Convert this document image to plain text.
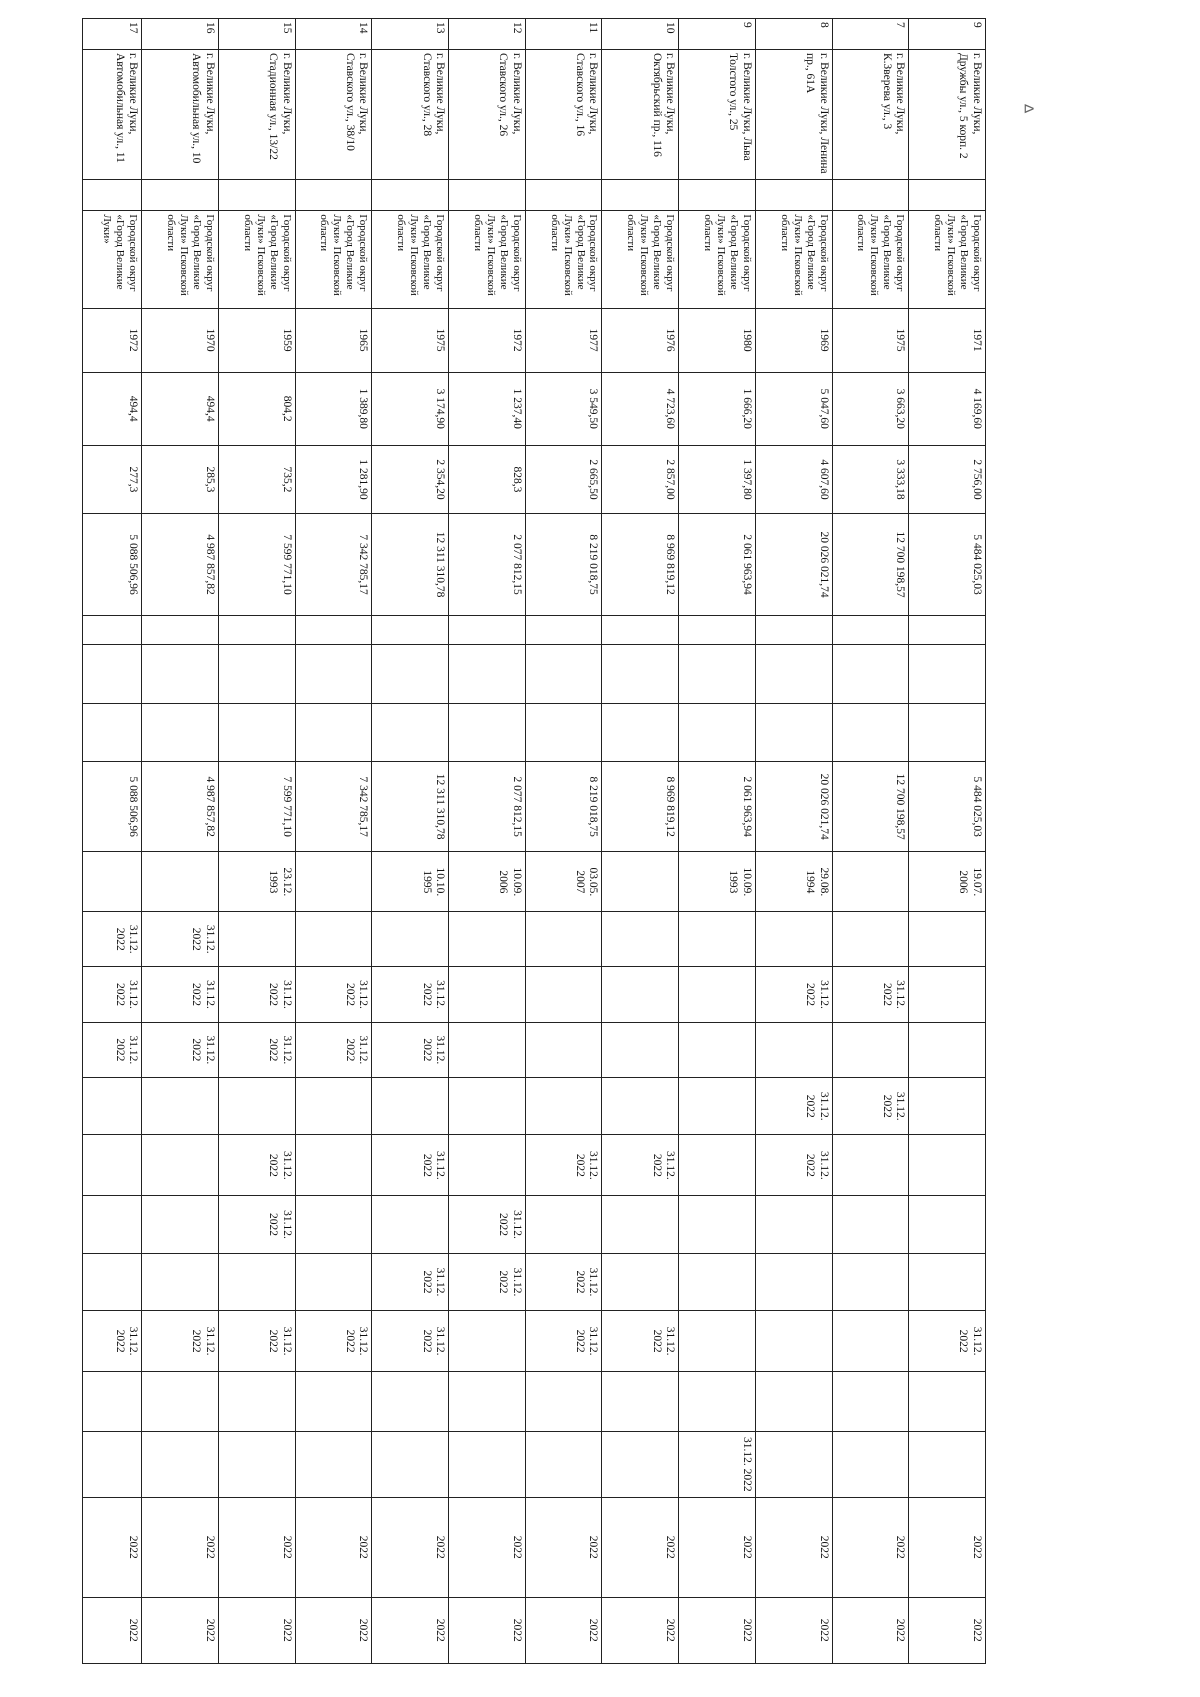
ᐞ
9	г. Великие Луки, Дружбы ул., 5 корп. 2		Городской округ «Город Великие Луки» Псковской области	1971	4 169,60	2 756,00	5 484 025,03				5 484 025,03	19.07. 2006								31.12. 2022			2022	2022
7	г. Великие Луки, К.Зверева ул., 3		Городской округ «Город Великие Луки» Псковской области	1975	3 663,20	3 333,18	12 700 198,57				12 700 198,57			31.12. 2022		31.12. 2022							2022	2022
8	г. Великие Луки, Ленина пр., 61А		Городской округ «Город Великие Луки» Псковской области	1969	5 047,60	4 607,60	20 026 021,74				20 026 021,74	29.08. 1994		31.12. 2022		31.12. 2022	31.12. 2022						2022	2022
9	г. Великие Луки, Льва Толстого ул., 25		Городской округ «Город Великие Луки» Псковской области	1980	1 666,20	1 397,80	2 061 963,94				2 061 963,94	10.09. 1993										31.12. 2022	2022	2022
10	г. Великие Луки, Октябрьский пр., 116		Городской округ «Город Великие Луки» Псковской области	1976	4 723,60	2 857,00	8 969 819,12				8 969 819,12						31.12. 2022			31.12. 2022			2022	2022
11	г. Великие Луки, Ставского ул., 16		Городской округ «Город Великие Луки» Псковской области	1977	3 549,50	2 665,50	8 219 018,75				8 219 018,75	03.05. 2007					31.12. 2022		31.12. 2022	31.12. 2022			2022	2022
12	г. Великие Луки, Ставского ул., 26		Городской округ «Город Великие Луки» Псковской области	1972	1 237,40	828,3	2 077 812,15				2 077 812,15	10.09. 2006						31.12. 2022	31.12. 2022				2022	2022
13	г. Великие Луки, Ставского ул., 28		Городской округ «Город Великие Луки» Псковской области	1975	3 174,90	2 354,20	12 311 310,78				12 311 310,78	10.10. 1995		31.12. 2022	31.12. 2022		31.12. 2022		31.12. 2022	31.12. 2022			2022	2022
14	г. Великие Луки, Ставского ул., 38/10		Городской округ «Город Великие Луки» Псковской области	1965	1 389,80	1 281,90	7 342 785,17				7 342 785,17			31.12. 2022	31.12. 2022					31.12. 2022			2022	2022
15	г. Великие Луки, Стадионная ул., 13/22		Городской округ «Город Великие Луки» Псковской области	1959	804,2	735,2	7 599 771,10				7 599 771,10	23.12. 1993		31.12. 2022	31.12. 2022		31.12. 2022	31.12. 2022		31.12. 2022			2022	2022
16	г. Великие Луки, Автомобильная ул., 10		Городской округ «Город Великие Луки» Псковской области	1970	494,4	285,3	4 987 857,82				4 987 857,82		31.12. 2022	31.12. 2022	31.12. 2022					31.12. 2022			2022	2022
17	г. Великие Луки, Автомобильная ул., 11		Городской округ «Город Великие Луки»	1972	494,4	277,3	5 088 506,96				5 088 506,96		31.12. 2022	31.12. 2022	31.12. 2022					31.12. 2022			2022	2022
